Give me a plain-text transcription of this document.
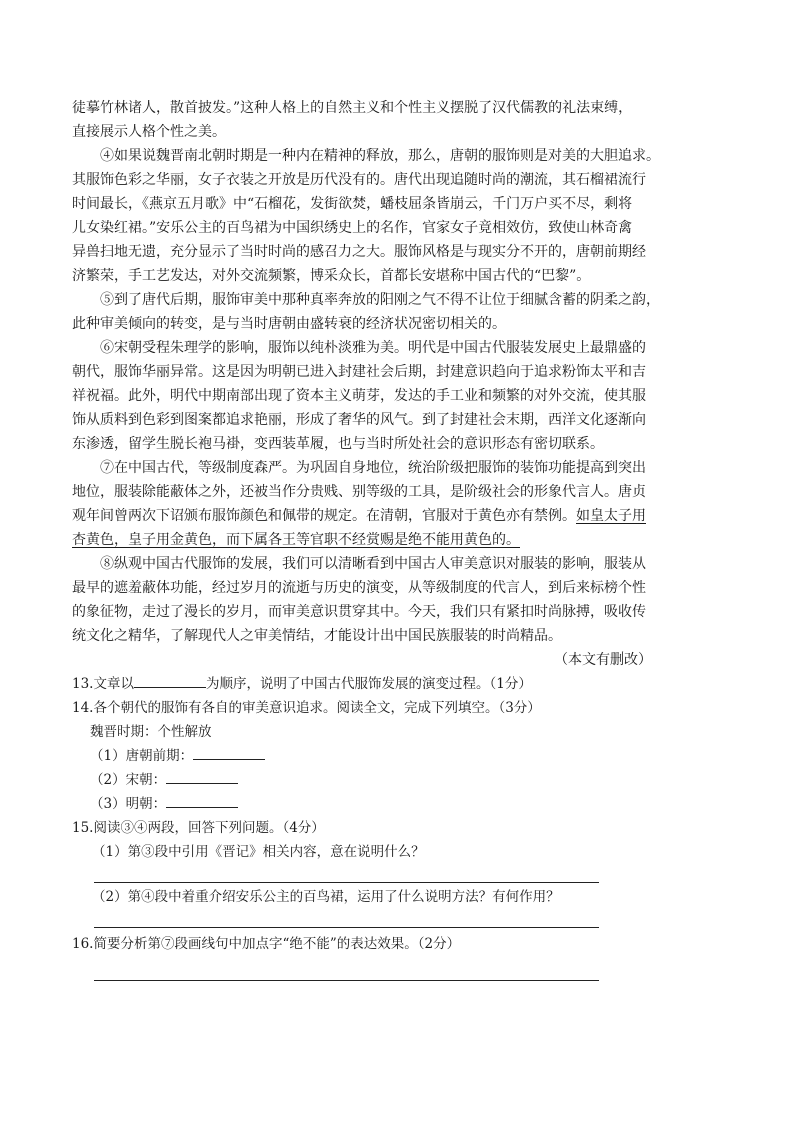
徒摹竹林诸人，散首披发。”这种人格上的自然主义和个性主义摆脱了汉代儒教的礼法束缚，
直接展示人格个性之美。
④如果说魏晋南北朝时期是一种内在精神的释放，那么，唐朝的服饰则是对美的大胆追求。
其服饰色彩之华丽，女子衣装之开放是历代没有的。唐代出现追随时尚的潮流，其石榴裙流行
时间最长，《燕京五月歌》中“石榴花，发街欲焚，蟠枝屈条皆崩云，千门万户买不尽，剩将
儿女染红裙。”安乐公主的百鸟裙为中国织绣史上的名作，官家女子竟相效仿，致使山林奇禽
异兽扫地无遗，充分显示了当时时尚的感召力之大。服饰风格是与现实分不开的，唐朝前期经
济繁荣，手工艺发达，对外交流频繁，博采众长，首都长安堪称中国古代的“巴黎”。
⑤到了唐代后期，服饰审美中那种真率奔放的阳刚之气不得不让位于细腻含蓄的阴柔之韵，
此种审美倾向的转变，是与当时唐朝由盛转衰的经济状况密切相关的。
⑥宋朝受程朱理学的影响，服饰以纯朴淡雅为美。明代是中国古代服装发展史上最鼎盛的
朝代，服饰华丽异常。这是因为明朝已进入封建社会后期，封建意识趋向于追求粉饰太平和吉
祥祝福。此外，明代中期南部出现了资本主义萌芽，发达的手工业和频繁的对外交流，使其服
饰从质料到色彩到图案都追求艳丽，形成了奢华的风气。到了封建社会末期，西洋文化逐渐向
东渗透，留学生脱长袍马褂，变西装革履，也与当时所处社会的意识形态有密切联系。
⑦在中国古代，等级制度森严。为巩固自身地位，统治阶级把服饰的装饰功能提高到突出
地位，服装除能蔽体之外，还被当作分贵贱、别等级的工具，是阶级社会的形象代言人。唐贞
观年间曾两次下诏颁布服饰颜色和佩带的规定。在清朝，官服对于黄色亦有禁例。如皇太子用
杏黄色，皇子用金黄色，而下属各王等官职不经赏赐是绝不能用黄色的。
⑧纵观中国古代服饰的发展，我们可以清晰看到中国古人审美意识对服装的影响，服装从
最早的遮羞蔽体功能，经过岁月的流逝与历史的演变，从等级制度的代言人，到后来标榜个性
的象征物，走过了漫长的岁月，而审美意识贯穿其中。今天，我们只有紧扣时尚脉搏，吸收传
统文化之精华，了解现代人之审美情结，才能设计出中国民族服装的时尚精品。
（本文有删改）
13.文章以	为顺序，说明了中国古代服饰发展的演变过程。（1分）
14.各个朝代的服饰有各自的审美意识追求。阅读全文，完成下列填空。（3分）
魏晋时期：个性解放
（1）唐朝前期：
（2）宋朝：
（3）明朝：
15.阅读③④两段，回答下列问题。（4分）
（1）第③段中引用《晋记》相关内容，意在说明什么？
（2）第④段中着重介绍安乐公主的百鸟裙，运用了什么说明方法？有何作用？
16.简要分析第⑦段画线句中加点字“绝不能”的表达效果。（2分）
